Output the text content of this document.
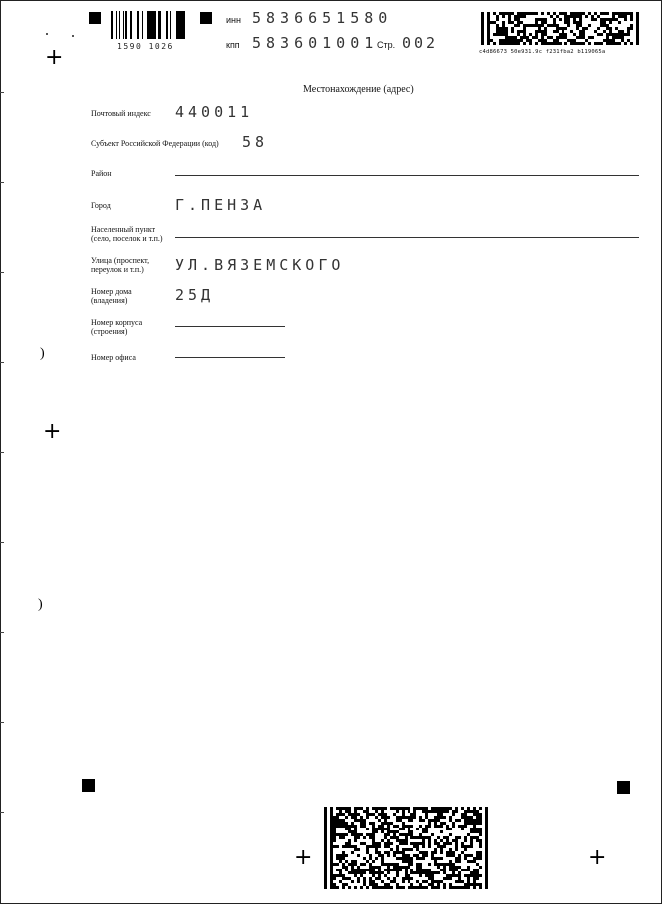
1590 1026
инн 5836651580
кпп 583601001
Стр. 002	c4d86673 50e931.9c f231fba2 b119065a
+
+
+	+
)
)
Местонахождение (адрес)
Почтовый индекс	440011
Субъект Российской Федерации (код)	58
Район
Город	Г.ПЕНЗА
Населенный пункт (село, поселок и т.п.)
Улица (проспект, переулок и т.п.)	УЛ.ВЯЗЕМСКОГО
Номер дома (владения)	25Д
Номер корпуса (строения)
Номер офиса
